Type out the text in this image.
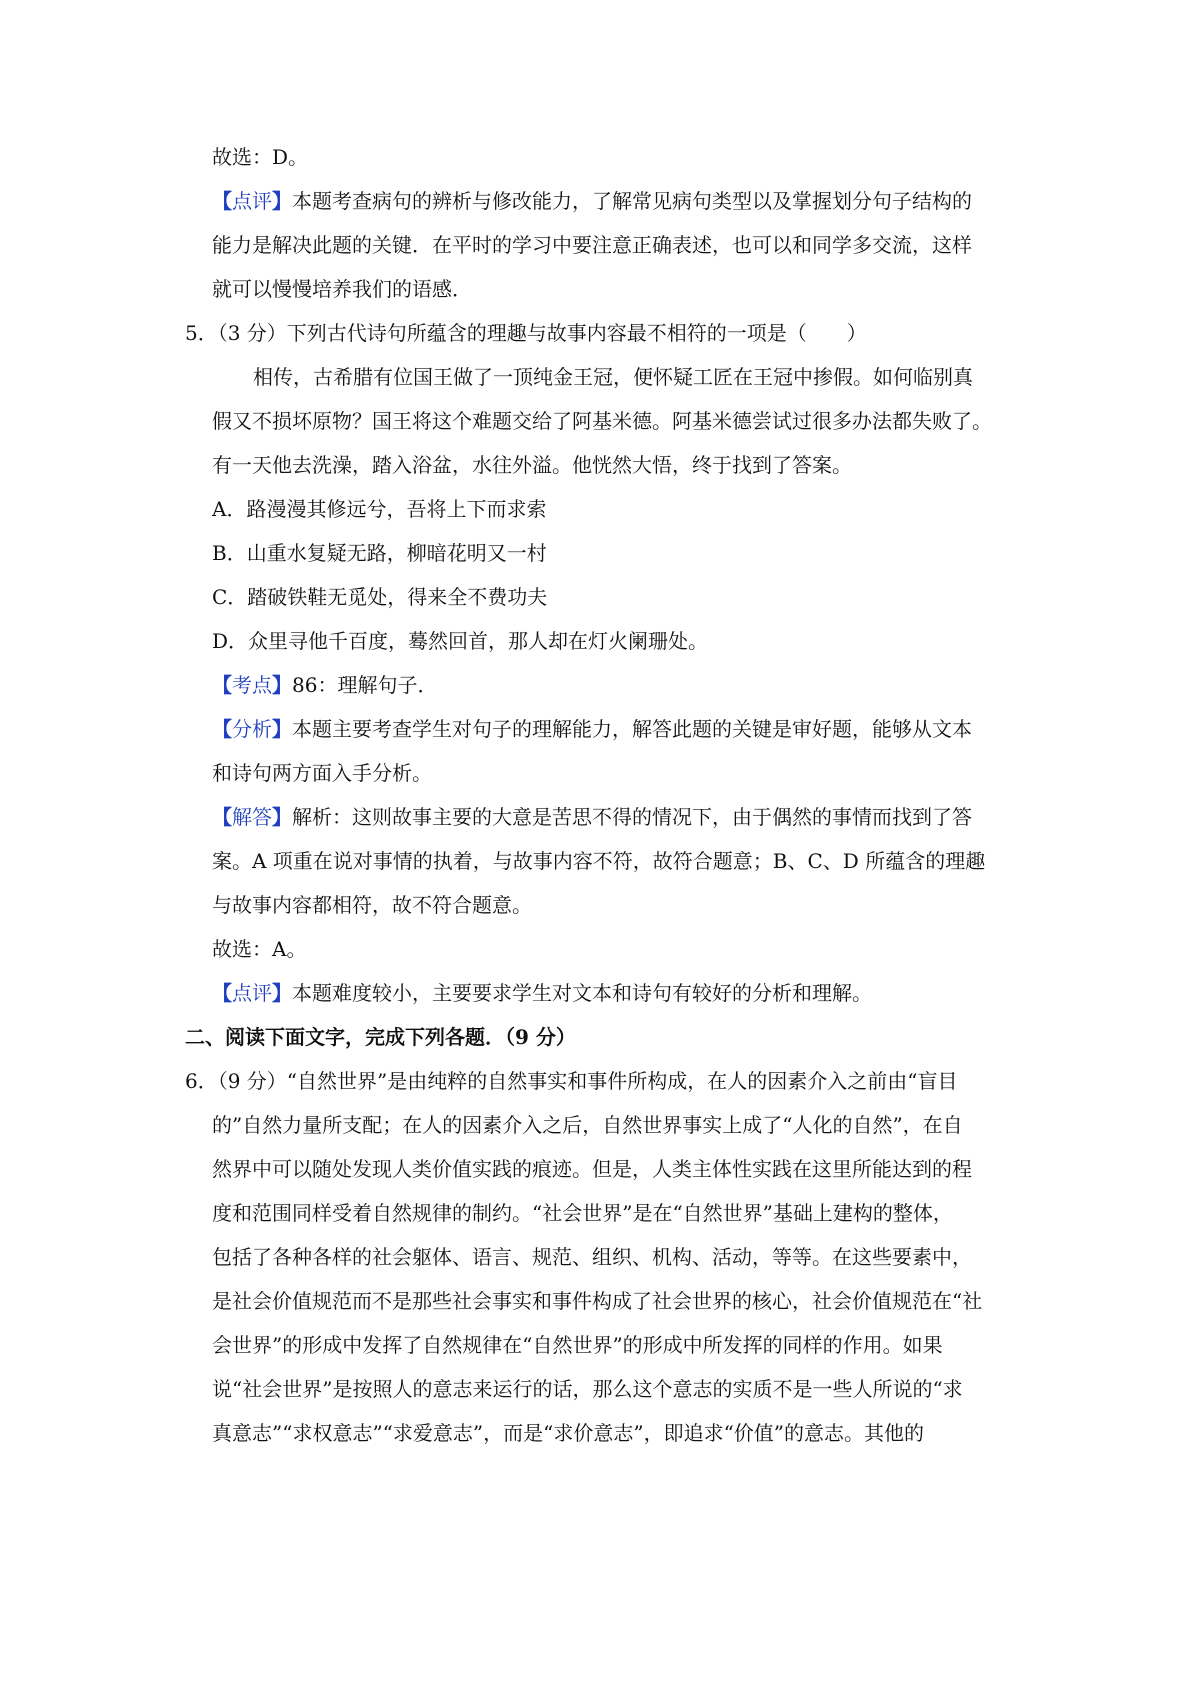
故选：D。
【点评】本题考查病句的辨析与修改能力，了解常见病句类型以及掌握划分句子结构的
能力是解决此题的关键．在平时的学习中要注意正确表述，也可以和同学多交流，这样
就可以慢慢培养我们的语感．
5．（3 分）下列古代诗句所蕴含的理趣与故事内容最不相符的一项是（　　）
相传，古希腊有位国王做了一顶纯金王冠，便怀疑工匠在王冠中掺假。如何临别真
假又不损坏原物？国王将这个难题交给了阿基米德。阿基米德尝试过很多办法都失败了。
有一天他去洗澡，踏入浴盆，水往外溢。他恍然大悟，终于找到了答案。
A．路漫漫其修远兮，吾将上下而求索
B．山重水复疑无路，柳暗花明又一村
C．踏破铁鞋无觅处，得来全不费功夫
D．众里寻他千百度，蓦然回首，那人却在灯火阑珊处。
【考点】86：理解句子．
【分析】本题主要考查学生对句子的理解能力，解答此题的关键是审好题，能够从文本
和诗句两方面入手分析。
【解答】解析：这则故事主要的大意是苦思不得的情况下，由于偶然的事情而找到了答
案。A 项重在说对事情的执着，与故事内容不符，故符合题意；B、C、D 所蕴含的理趣
与故事内容都相符，故不符合题意。
故选：A。
【点评】本题难度较小，主要要求学生对文本和诗句有较好的分析和理解。
二、阅读下面文字，完成下列各题．（9 分）
6．（9 分）“自然世界”是由纯粹的自然事实和事件所构成，在人的因素介入之前由“盲目
的”自然力量所支配；在人的因素介入之后，自然世界事实上成了“人化的自然”，在自
然界中可以随处发现人类价值实践的痕迹。但是，人类主体性实践在这里所能达到的程
度和范围同样受着自然规律的制约。“社会世界”是在“自然世界”基础上建构的整体，
包括了各种各样的社会躯体、语言、规范、组织、机构、活动，等等。在这些要素中，
是社会价值规范而不是那些社会事实和事件构成了社会世界的核心，社会价值规范在“社
会世界”的形成中发挥了自然规律在“自然世界”的形成中所发挥的同样的作用。如果
说“社会世界”是按照人的意志来运行的话，那么这个意志的实质不是一些人所说的“求
真意志”“求权意志”“求爱意志”，而是“求价意志”，即追求“价值”的意志。其他的
